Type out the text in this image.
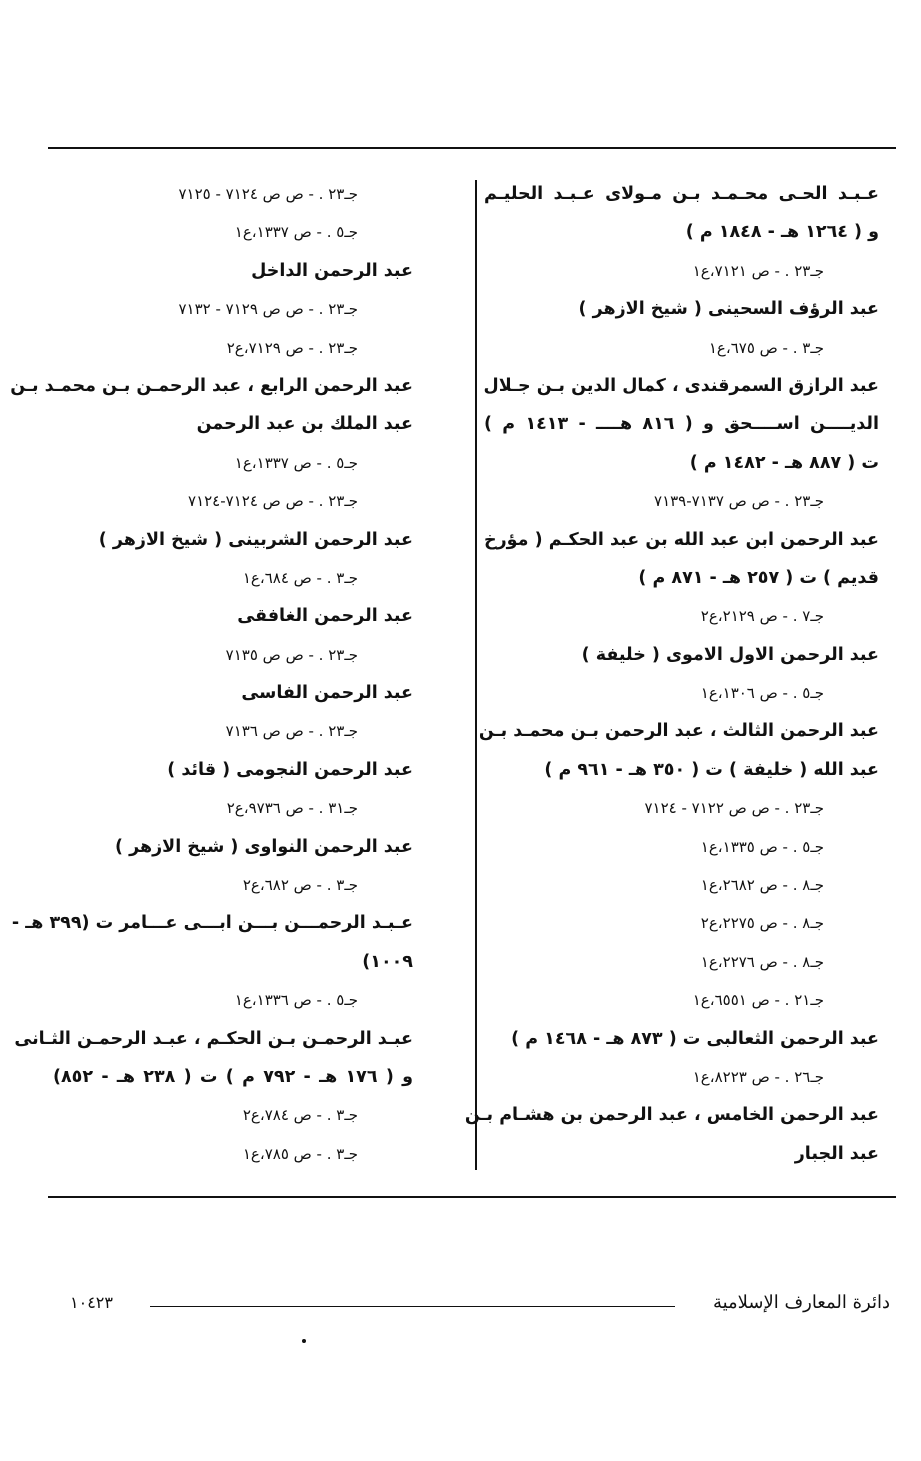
عـبـد الحـى محـمـد بـن مـولاى عـبـد الحليـم
و ( ١٢٦٤ هـ - ١٨٤٨ م )
جـ٢٣ . - ص ٧١٢١،ع١
عبد الرؤف السحينى ( شيخ الازهر )
جـ٣ . - ص ٦٧٥،ع١
عبد الرازق السمرقندى ، كمال الدين بـن جـلال
الديــــن اســــحق و ( ٨١٦ هــــ - ١٤١٣ م )
ت ( ٨٨٧ هـ - ١٤٨٢ م )
جـ٢٣ . - ص ص ٧١٣٧-٧١٣٩
عبد الرحمن ابن عبد الله بن عبد الحكـم ( مؤرخ
قديم ) ت ( ٢٥٧ هـ - ٨٧١ م )
جـ٧ . - ص ٢١٢٩،ع٢
عبد الرحمن الاول الاموى ( خليفة )
جـ٥ . - ص ١٣٠٦،ع١
عبد الرحمن الثالث ، عبد الرحمن بـن محمـد بـن
عبد الله ( خليفة ) ت ( ٣٥٠ هـ - ٩٦١ م )
جـ٢٣ . - ص ص ٧١٢٢ - ٧١٢٤
جـ٥ . - ص ١٣٣٥،ع١
جـ٨ . - ص ٢٦٨٢،ع١
جـ٨ . - ص ٢٢٧٥،ع٢
جـ٨ . - ص ٢٢٧٦،ع١
جـ٢١ . - ص ٦٥٥١،ع١
عبد الرحمن الثعالبى ت ( ٨٧٣ هـ - ١٤٦٨ م )
جـ٢٦ . - ص ٨٢٢٣،ع١
عبد الرحمن الخامس ، عبد الرحمن بن هشـام بـن
عبد الجبار
جـ٢٣ . - ص ص ٧١٢٤ - ٧١٢٥
جـ٥ . - ص ١٣٣٧،ع١
عبد الرحمن الداخل
جـ٢٣ . - ص ص ٧١٢٩ - ٧١٣٢
جـ٢٣ . - ص ٧١٢٩،ع٢
عبد الرحمن الرابع ، عبد الرحمـن بـن محمـد بـن
عبد الملك بن عبد الرحمن
جـ٥ . - ص ١٣٣٧،ع١
جـ٢٣ . - ص ص ٧١٢٤-٧١٢٤
عبد الرحمن الشربينى ( شيخ الازهر )
جـ٣ . - ص ٦٨٤،ع١
عبد الرحمن الغافقى
جـ٢٣ . - ص ص ٧١٣٥
عبد الرحمن الفاسى
جـ٢٣ . - ص ص ٧١٣٦
عبد الرحمن النجومى ( قائد )
جـ٣١ . - ص ٩٧٣٦،ع٢
عبد الرحمن النواوى ( شيخ الازهر )
جـ٣ . - ص ٦٨٢،ع٢
عـبـد الرحمـــن بـــن ابـــى عـــامر ت (٣٩٩ هـ -
١٠٠٩)
جـ٥ . - ص ١٣٣٦،ع١
عبـد الرحمـن بـن الحكـم ، عبـد الرحمـن الثـانى
و ( ١٧٦ هـ - ٧٩٢ م ) ت ( ٢٣٨ هـ - ٨٥٢)
جـ٣ . - ص ٧٨٤،ع٢
جـ٣ . - ص ٧٨٥،ع١
دائرة المعارف الإسلامية
١٠٤٢٣
